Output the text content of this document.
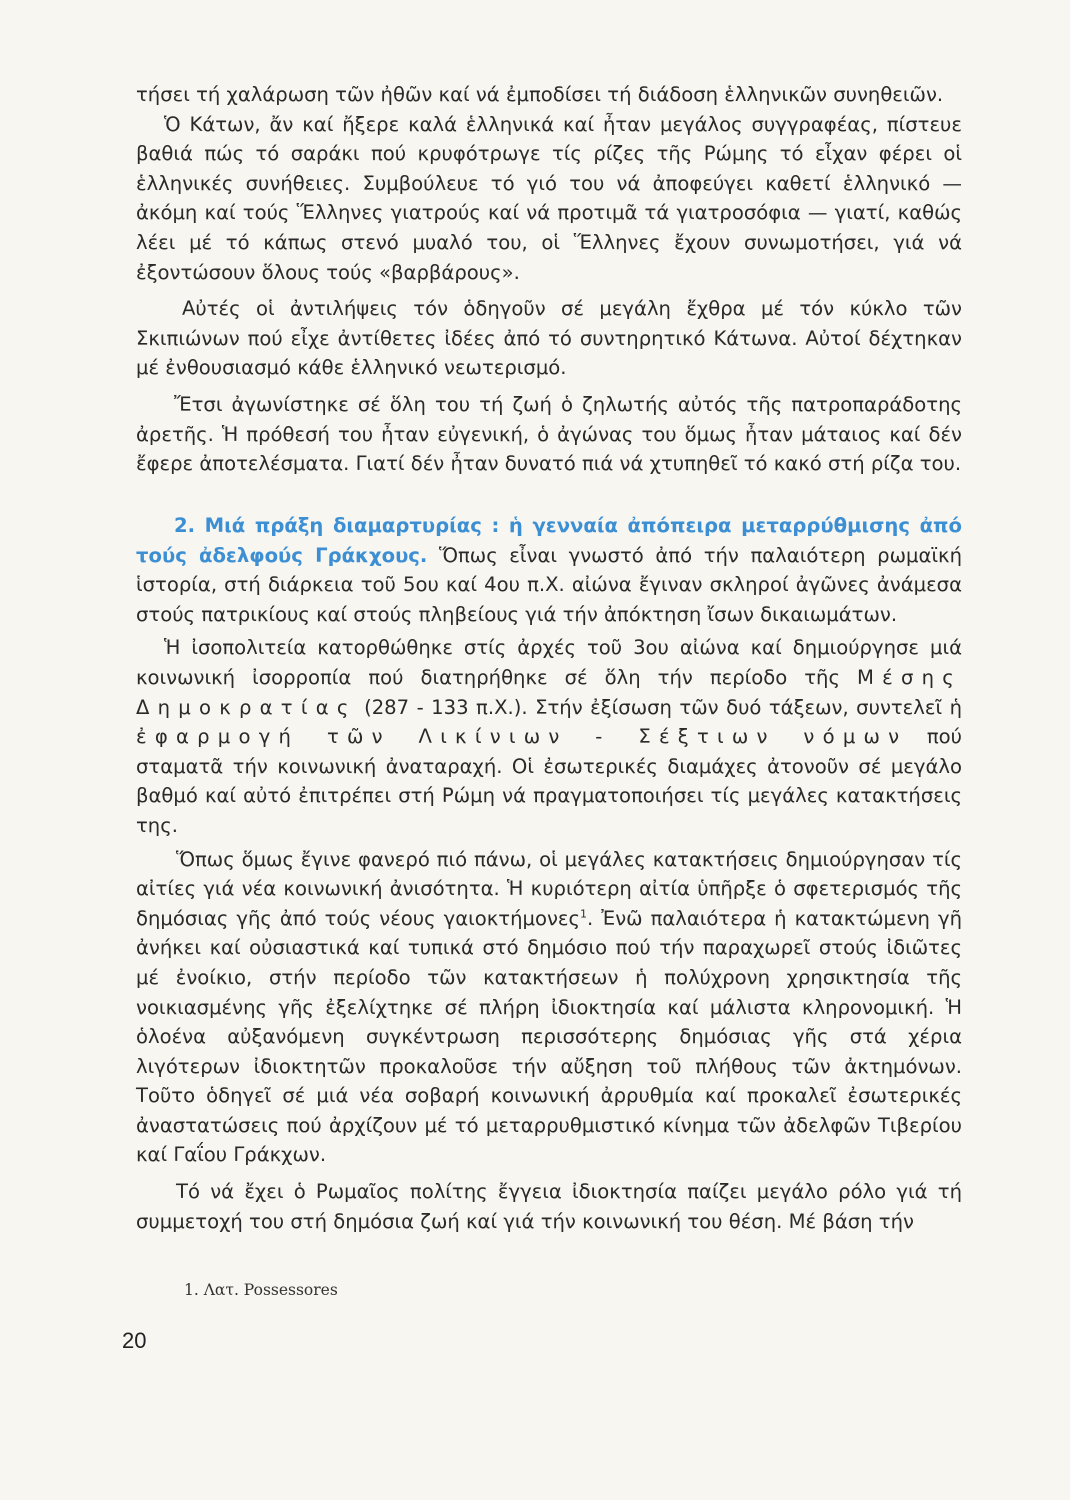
τήσει τή χαλάρωση τῶν ἠθῶν καί νά ἐμποδίσει τή διάδοση ἑλληνικῶν συνηθειῶν.

Ὁ Κάτων, ἄν καί ἤξερε καλά ἑλληνικά καί ἦταν μεγάλος συγγραφέας, πίστευε βαθιά πώς τό σαράκι πού κρυφότρωγε τίς ρίζες τῆς Ρώμης τό εἶχαν φέρει οἱ ἑλληνικές συνήθειες. Συμβούλευε τό γιό του νά ἀποφεύγει καθετί ἑλληνικό — ἀκόμη καί τούς Ἕλληνες γιατρούς καί νά προτιμᾶ τά γιατροσόφια — γιατί, καθώς λέει μέ τό κάπως στενό μυαλό του, οἱ Ἕλληνες ἔχουν συνωμοτήσει, γιά νά ἐξοντώσουν ὅλους τούς «βαρβάρους».

Αὐτές οἱ ἀντιλήψεις τόν ὁδηγοῦν σέ μεγάλη ἔχθρα μέ τόν κύκλο τῶν Σκιπιώνων πού εἶχε ἀντίθετες ἰδέες ἀπό τό συντηρητικό Κάτωνα. Αὐτοί δέχτηκαν μέ ἐνθουσιασμό κάθε ἑλληνικό νεωτερισμό.

Ἔτσι ἀγωνίστηκε σέ ὅλη του τή ζωή ὁ ζηλωτής αὐτός τῆς πατροπαράδοτης ἀρετῆς. Ἡ πρόθεσή του ἦταν εὐγενική, ὁ ἀγώνας του ὅμως ἦταν μάταιος καί δέν ἔφερε ἀποτελέσματα. Γιατί δέν ἦταν δυνατό πιά νά χτυπηθεῖ τό κακό στή ρίζα του.

2. Μιά πράξη διαμαρτυρίας : ἡ γενναία ἀπόπειρα μεταρρύθμισης ἀπό τούς ἀδελφούς Γράκχους. Ὅπως εἶναι γνωστό ἀπό τήν παλαιότερη ρωμαϊκή ἱστορία, στή διάρκεια τοῦ 5ου καί 4ου π.Χ. αἰώνα ἔγιναν σκληροί ἀγῶνες ἀνάμεσα στούς πατρικίους καί στούς πληβείους γιά τήν ἀπόκτηση ἴσων δικαιωμάτων.

Ἡ ἰσοπολιτεία κατορθώθηκε στίς ἀρχές τοῦ 3ου αἰώνα καί δημιούργησε μιά κοινωνική ἰσορροπία πού διατηρήθηκε σέ ὅλη τήν περίοδο τῆς Μέσης Δημοκρατίας (287 - 133 π.Χ.). Στήν ἐξίσωση τῶν δυό τάξεων, συντελεῖ ἡ ἐφαρμογή τῶν Λικίνιων - Σέξτιων νόμων πού σταματᾶ τήν κοινωνική ἀναταραχή. Οἱ ἐσωτερικές διαμάχες ἀτονοῦν σέ μεγάλο βαθμό καί αὐτό ἐπιτρέπει στή Ρώμη νά πραγματοποιήσει τίς μεγάλες κατακτήσεις της.

Ὅπως ὅμως ἔγινε φανερό πιό πάνω, οἱ μεγάλες κατακτήσεις δημιούργησαν τίς αἰτίες γιά νέα κοινωνική ἀνισότητα. Ἡ κυριότερη αἰτία ὑπῆρξε ὁ σφετερισμός τῆς δημόσιας γῆς ἀπό τούς νέους γαιοκτήμονες$^1$. Ἐνῶ παλαιότερα ἡ κατακτώμενη γῆ ἀνήκει καί οὐσιαστικά καί τυπικά στό δημόσιο πού τήν παραχωρεῖ στούς ἰδιῶτες μέ ἐνοίκιο, στήν περίοδο τῶν κατακτήσεων ἡ πολύχρονη χρησικτησία τῆς νοικιασμένης γῆς ἐξελίχτηκε σέ πλήρη ἰδιοκτησία καί μάλιστα κληρονομική. Ἡ ὁλοένα αὐξανόμενη συγκέντρωση περισσότερης δημόσιας γῆς στά χέρια λιγότερων ἰδιοκτητῶν προκαλοῦσε τήν αὔξηση τοῦ πλήθους τῶν ἀκτημόνων. Τοῦτο ὁδηγεῖ σέ μιά νέα σοβαρή κοινωνική ἀρρυθμία καί προκαλεῖ ἐσωτερικές ἀναστατώσεις πού ἀρχίζουν μέ τό μεταρρυθμιστικό κίνημα τῶν ἀδελφῶν Τιβερίου καί Γαΐου Γράκχων.

Τό νά ἔχει ὁ Ρωμαῖος πολίτης ἔγγεια ἰδιοκτησία παίζει μεγάλο ρόλο γιά τή συμμετοχή του στή δημόσια ζωή καί γιά τήν κοινωνική του θέση. Μέ βάση τήν

1. Λατ. Possessores
20
